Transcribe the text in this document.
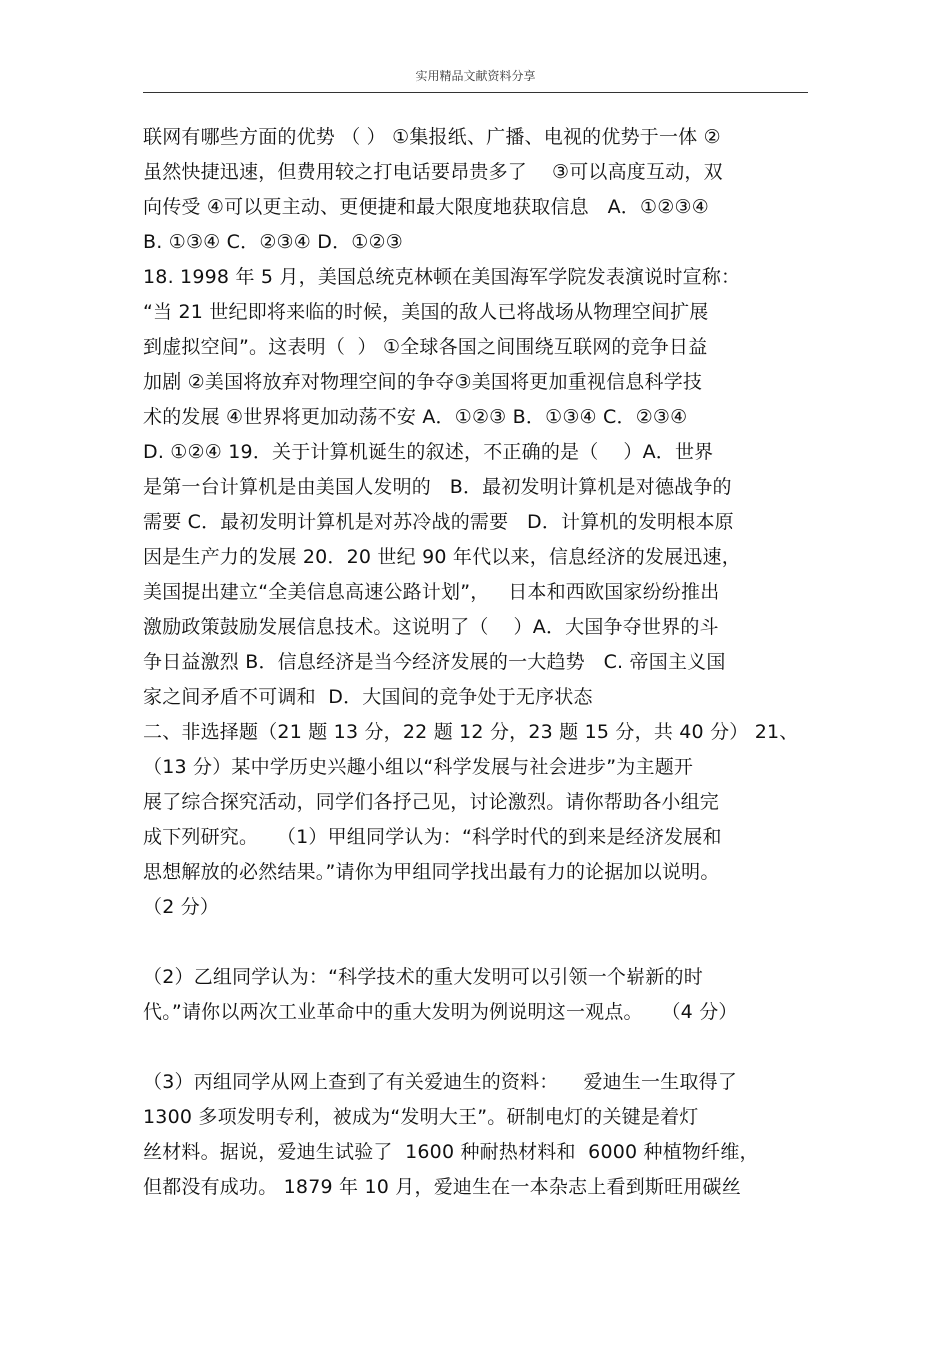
实用精品文献资料分享
联网有哪些方面的优势 （ ） ①集报纸、广播、电视的优势于一体 ②
虽然快捷迅速，但费用较之打电话要昂贵多了    ③可以高度互动，双
向传受 ④可以更主动、更便捷和最大限度地获取信息   A．①②③④
B. ①③④ C．②③④ D．①②③
18. 1998 年 5 月，美国总统克林顿在美国海军学院发表演说时宣称：
“当 21 世纪即将来临的时候，美国的敌人已将战场从物理空间扩展
到虚拟空间”。这表明（  ） ①全球各国之间围绕互联网的竞争日益
加剧 ②美国将放弃对物理空间的争夺③美国将更加重视信息科学技
术的发展 ④世界将更加动荡不安 A．①②③ B．①③④ C．②③④
D. ①②④ 19．关于计算机诞生的叙述，不正确的是（    ）A．世界
是第一台计算机是由美国人发明的   B．最初发明计算机是对德战争的
需要 C．最初发明计算机是对苏冷战的需要   D．计算机的发明根本原
因是生产力的发展 20．20 世纪 90 年代以来，信息经济的发展迅速，
美国提出建立“全美信息高速公路计划”，   日本和西欧国家纷纷推出
激励政策鼓励发展信息技术。这说明了（    ）A．大国争夺世界的斗
争日益激烈 B．信息经济是当今经济发展的一大趋势   C. 帝国主义国
家之间矛盾不可调和  D．大国间的竞争处于无序状态
二、非选择题（21 题 13 分，22 题 12 分，23 题 15 分，共 40 分） 21、
（13 分）某中学历史兴趣小组以“科学发展与社会进步”为主题开
展了综合探究活动，同学们各抒己见，讨论激烈。请你帮助各小组完
成下列研究。   （1）甲组同学认为：“科学时代的到来是经济发展和
思想解放的必然结果。”请你为甲组同学找出最有力的论据加以说明。
（2 分）
（2）乙组同学认为：“科学技术的重大发明可以引领一个崭新的时
代。”请你以两次工业革命中的重大发明为例说明这一观点。   （4 分）
（3）丙组同学从网上查到了有关爱迪生的资料：    爱迪生一生取得了
1300 多项发明专利，被成为“发明大王”。研制电灯的关键是着灯
丝材料。据说，爱迪生试验了  1600 种耐热材料和  6000 种植物纤维，
但都没有成功。 1879 年 10 月，爱迪生在一本杂志上看到斯旺用碳丝
